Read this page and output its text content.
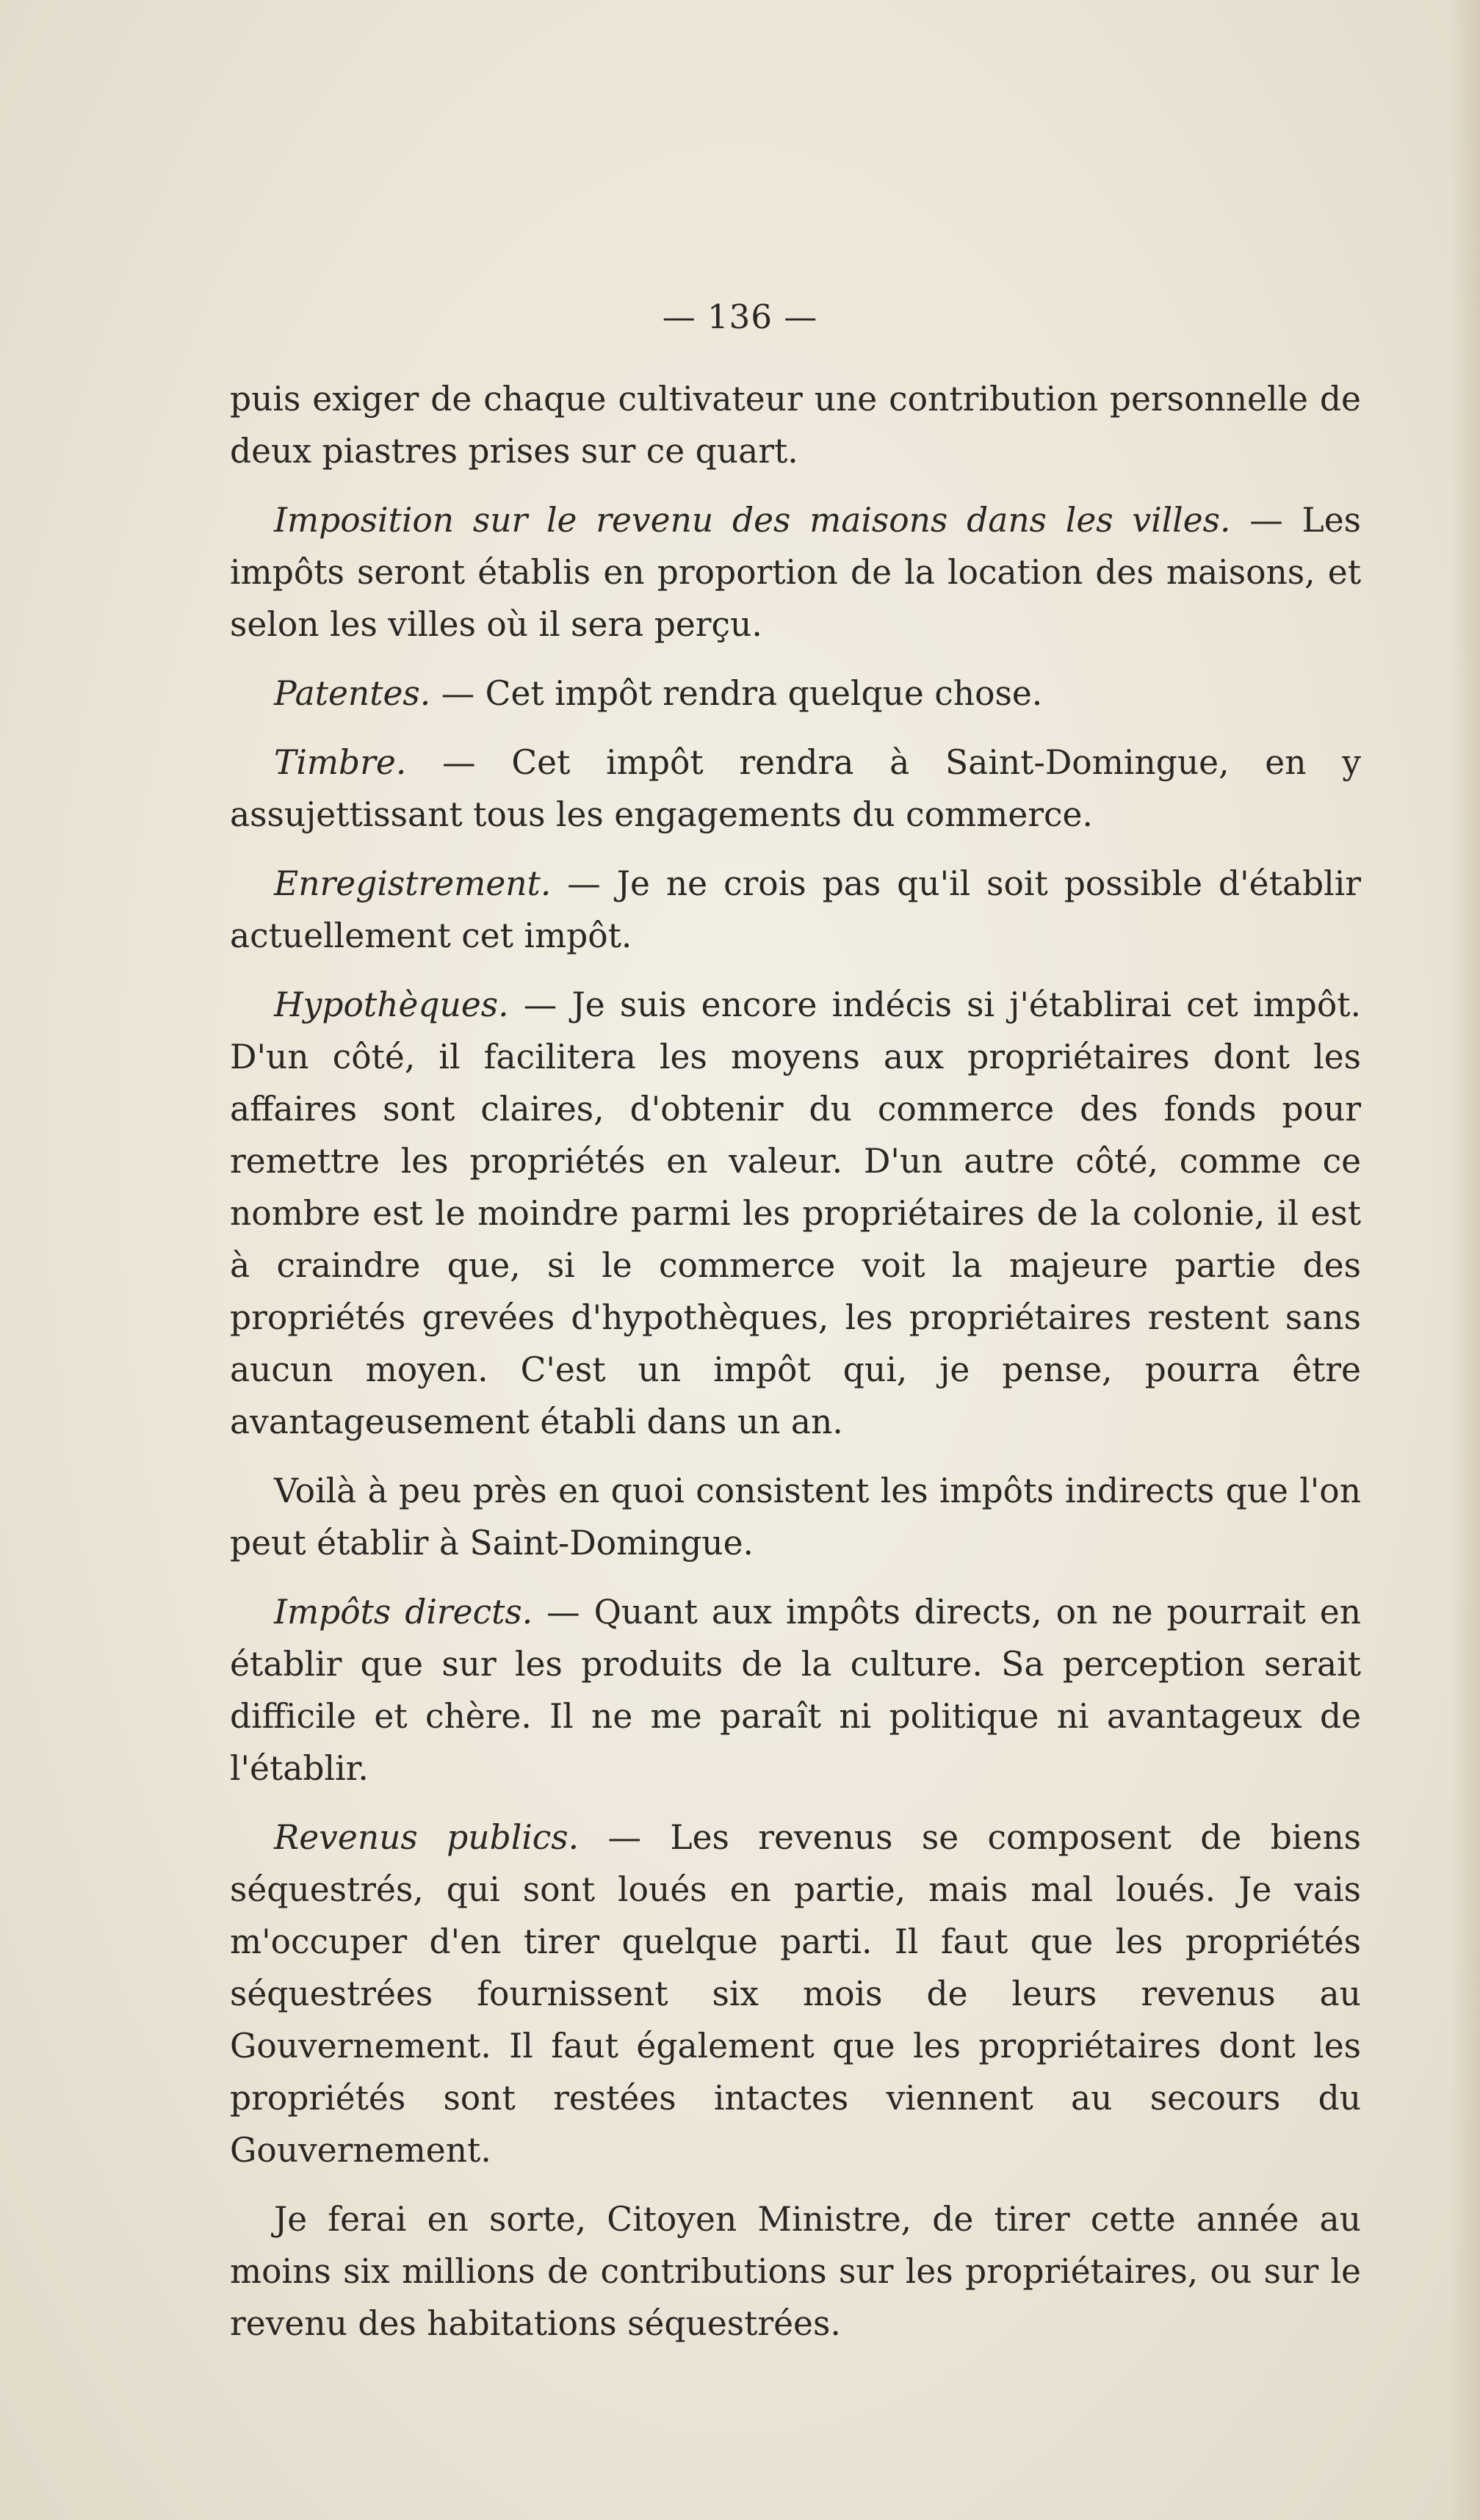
— 136 —

puis exiger de chaque cultivateur une contribution personnelle de deux piastres prises sur ce quart.

Imposition sur le revenu des maisons dans les villes. — Les impôts seront établis en proportion de la location des maisons, et selon les villes où il sera perçu.

Patentes. — Cet impôt rendra quelque chose.

Timbre. — Cet impôt rendra à Saint-Domingue, en y assujettissant tous les engagements du commerce.

Enregistrement. — Je ne crois pas qu'il soit possible d'établir actuellement cet impôt.

Hypothèques. — Je suis encore indécis si j'établirai cet impôt. D'un côté, il facilitera les moyens aux propriétaires dont les affaires sont claires, d'obtenir du commerce des fonds pour remettre les propriétés en valeur. D'un autre côté, comme ce nombre est le moindre parmi les propriétaires de la colonie, il est à craindre que, si le commerce voit la majeure partie des propriétés grevées d'hypothèques, les propriétaires restent sans aucun moyen. C'est un impôt qui, je pense, pourra être avantageusement établi dans un an.

Voilà à peu près en quoi consistent les impôts indirects que l'on peut établir à Saint-Domingue.

Impôts directs. — Quant aux impôts directs, on ne pourrait en établir que sur les produits de la culture. Sa perception serait difficile et chère. Il ne me paraît ni politique ni avantageux de l'établir.

Revenus publics. — Les revenus se composent de biens séquestrés, qui sont loués en partie, mais mal loués. Je vais m'occuper d'en tirer quelque parti. Il faut que les propriétés séquestrées fournissent six mois de leurs revenus au Gouvernement. Il faut également que les propriétaires dont les propriétés sont restées intactes viennent au secours du Gouvernement.

Je ferai en sorte, Citoyen Ministre, de tirer cette année au moins six millions de contributions sur les propriétaires, ou sur le revenu des habitations séquestrées.
